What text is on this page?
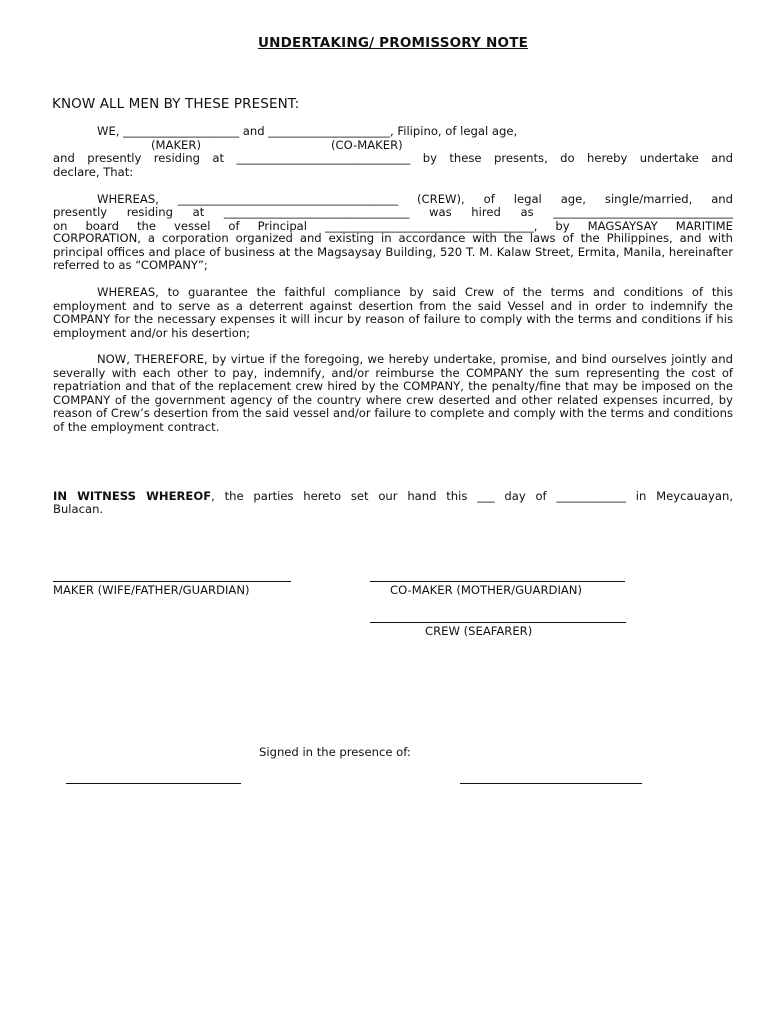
UNDERTAKING/ PROMISSORY NOTE
KNOW ALL MEN BY THESE PRESENT:
WE, ____________________ and _____________________, Filipino, of legal age,
(MAKER)	(CO-MAKER)
and presently residing at ______________________________ by these presents, do hereby undertake and
declare, That:
WHEREAS, ______________________________________ (CREW), of legal age, single/married, and
presently residing at ________________________________ was hired as _______________________________
on board the vessel of Principal ____________________________________, by MAGSAYSAY MARITIME
CORPORATION, a corporation organized and existing in accordance with the laws of the Philippines, and with principal offices and place of business at the Magsaysay Building, 520 T. M. Kalaw Street, Ermita, Manila, hereinafter referred to as “COMPANY”;
WHEREAS, to guarantee the faithful compliance by said Crew of the terms and conditions of this employment and to serve as a deterrent against desertion from the said Vessel and in order to indemnify the COMPANY for the necessary expenses it will incur by reason of failure to comply with the terms and conditions if his employment and/or his desertion;
NOW, THEREFORE, by virtue if the foregoing, we hereby undertake, promise, and bind ourselves jointly and severally with each other to pay, indemnify, and/or reimburse the COMPANY the sum representing the cost of repatriation and that of the replacement crew hired by the COMPANY, the penalty/fine that may be imposed on the COMPANY of the government agency of the country where crew deserted and other related expenses incurred, by reason of Crew’s desertion from the said vessel and/or failure to complete and comply with the terms and conditions of the employment contract.
IN WITNESS WHEREOF, the parties hereto set our hand this ___ day of ____________ in Meycauayan,
Bulacan.
MAKER (WIFE/FATHER/GUARDIAN)	CO-MAKER (MOTHER/GUARDIAN)
CREW (SEAFARER)
Signed in the presence of:
